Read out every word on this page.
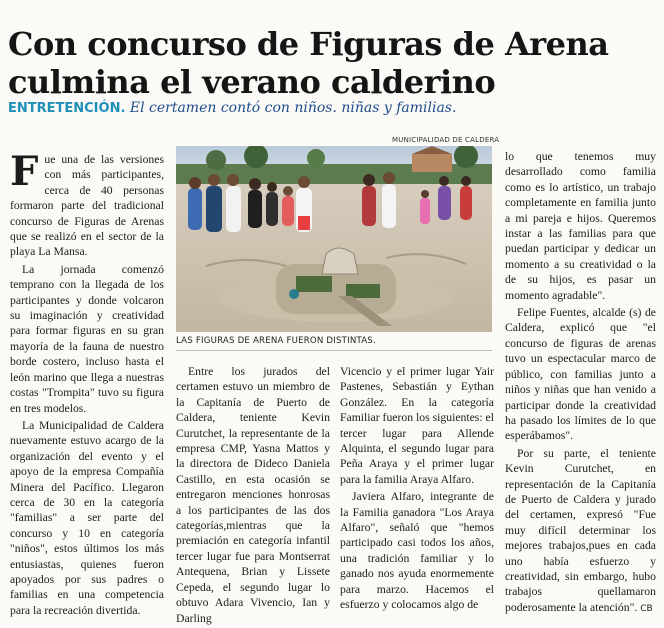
Con concurso de Figuras de Arena culmina el verano calderino
ENTRETENCIÓN. El certamen contó con niños. niñas y familias.

Fue una de las versiones con más participantes, cerca de 40 personas formaron parte del tradicional concurso de Figuras de Arenas que se realizó en el sector de la playa La Mansa.

La jornada comenzó temprano con la llegada de los participantes y donde volcaron su imaginación y creatividad para formar figuras en su gran mayoría de la fauna de nuestro borde costero, incluso hasta el león marino que llega a nuestras costas "Trompita" tuvo su figura en tres modelos.

La Municipalidad de Caldera nuevamente estuvo acargo de la organización del evento y el apoyo de la empresa Compañía Minera del Pacífico. Llegaron cerca de 30 en la categoría "familias" a ser parte del concurso y 10 en categoría "niños", estos últimos los más entusiastas, quienes fueron apoyados por sus padres o familias en una competencia para la recreación divertida.

MUNICIPALIDAD DE CALDERA
LAS FIGURAS DE ARENA FUERON DISTINTAS.

Entre los jurados del certamen estuvo un miembro de la Capitanía de Puerto de Caldera, teniente Kevin Curutchet, la representante de la empresa CMP, Yasna Mattos y la directora de Dideco Daniela Castillo, en esta ocasión se entregaron menciones honrosas a los participantes de las dos categorías,mientras que la premiación en categoría infantil tercer lugar fue para Montserrat Antequena, Brian y Lissete Cepeda, el segundo lugar lo obtuvo Adara Vivencio, Ian y Darling

Vicencio y el primer lugar Yair Pastenes, Sebastián y Eythan González. En la categoría Familiar fueron los siguientes: el tercer lugar para Allende Alquinta, el segundo lugar para Peña Araya y el primer lugar para la familia Araya Alfaro.

Javiera Alfaro, integrante de la Familia ganadora "Los Araya Alfaro", señaló que "hemos participado casi todos los años, una tradición familiar y lo ganado nos ayuda enormemente para marzo. Hacemos el esfuerzo y colocamos algo de

lo que tenemos muy desarrollado como familia como es lo artístico, un trabajo completamente en familia junto a mi pareja e hijos. Queremos instar a las familias para que puedan participar y dedicar un momento a su creatividad o la de su hijos, es pasar un momento agradable".

Felipe Fuentes, alcalde (s) de Caldera, explicó que "el concurso de figuras de arenas tuvo un espectacular marco de público, con familias junto a niños y niñas que han venido a participar donde la creatividad ha pasado los límites de lo que esperábamos".

Por su parte, el teniente Kevin Curutchet, en representación de la Capitanía de Puerto de Caldera y jurado del certamen, expresó "Fue muy difícil determinar los mejores trabajos,pues en cada uno había esfuerzo y creatividad, sin embargo, hubo trabajos quellamaron poderosamente la atención". CB
